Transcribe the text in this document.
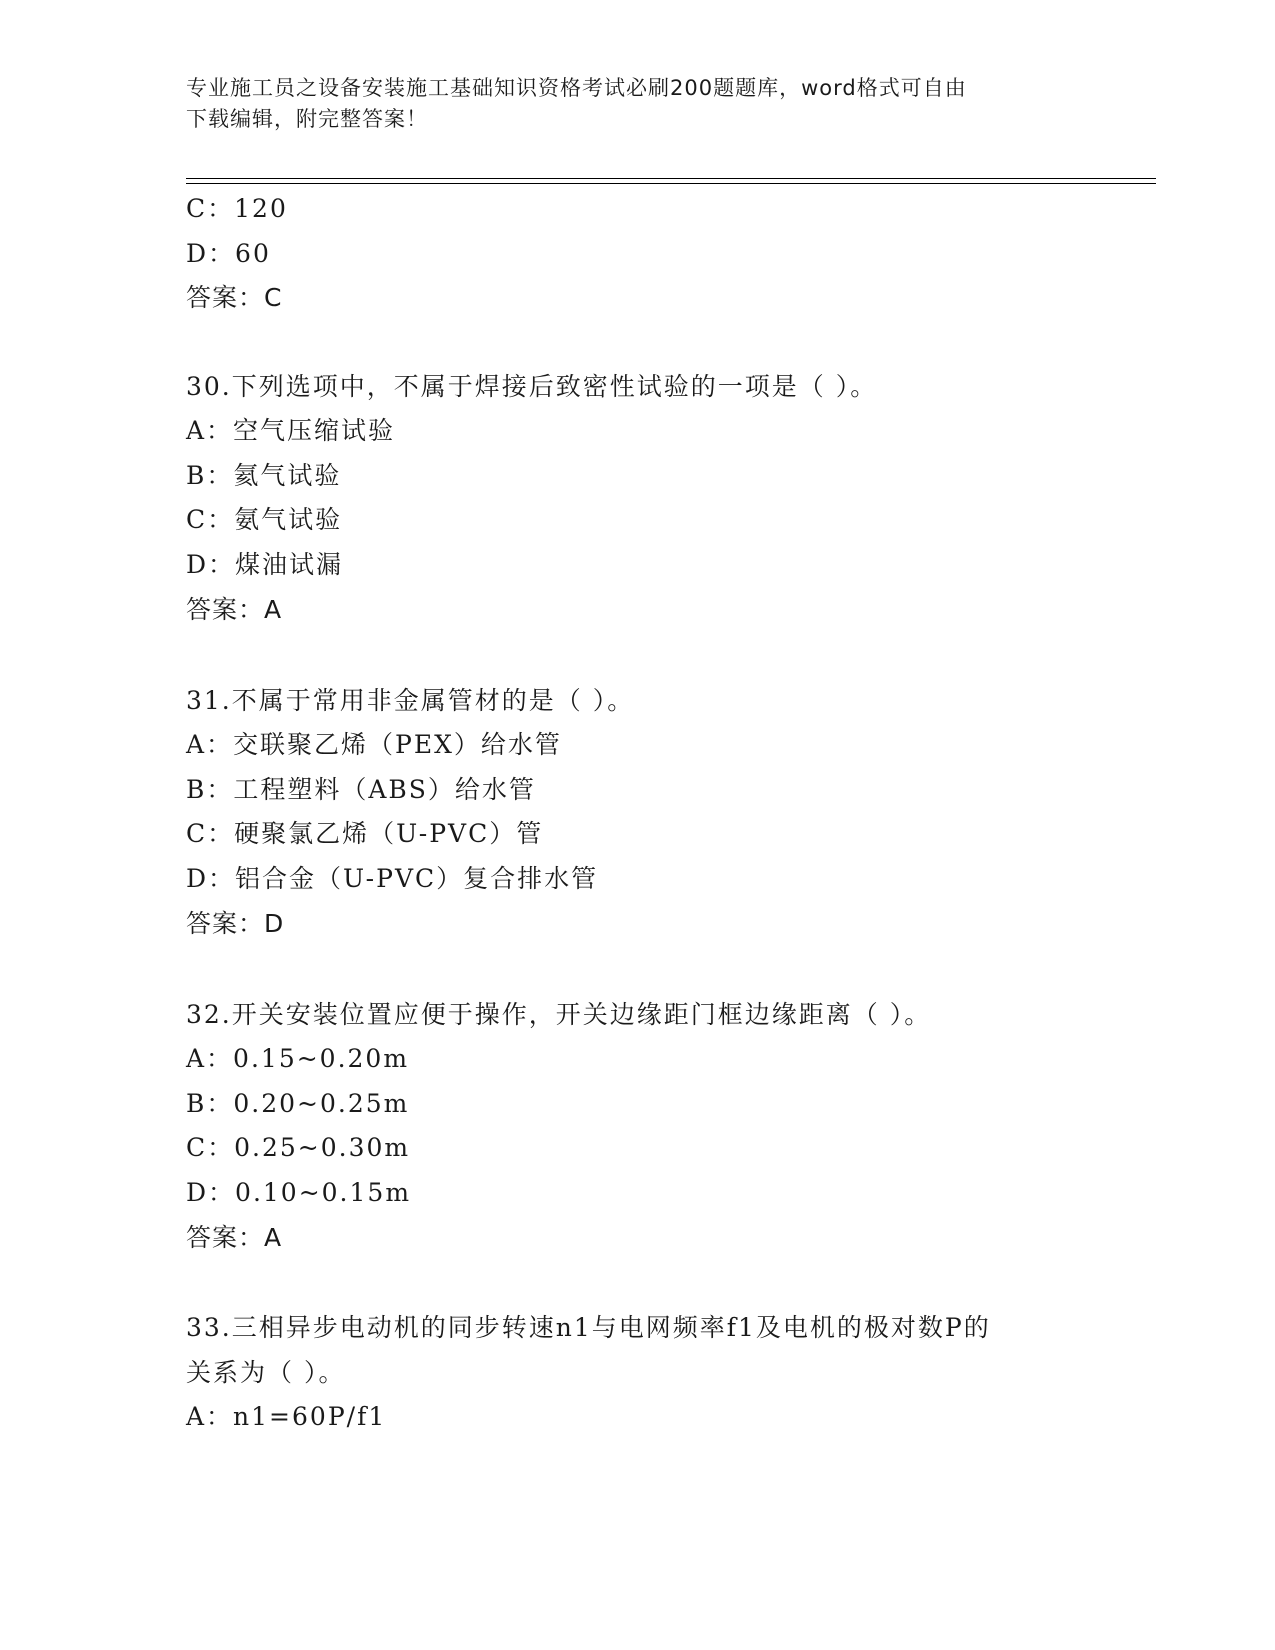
专业施工员之设备安装施工基础知识资格考试必刷200题题库，word格式可自由
下载编辑，附完整答案！
C：120
D：60
答案：C
30.下列选项中，不属于焊接后致密性试验的一项是（ ）。
A：空气压缩试验
B：氦气试验
C：氨气试验
D：煤油试漏
答案：A
31.不属于常用非金属管材的是（ ）。
A：交联聚乙烯（PEX）给水管
B：工程塑料（ABS）给水管
C：硬聚氯乙烯（U-PVC）管
D：铝合金（U-PVC）复合排水管
答案：D
32.开关安装位置应便于操作，开关边缘距门框边缘距离（ ）。
A：0.15~0.20m
B：0.20~0.25m
C：0.25~0.30m
D：0.10~0.15m
答案：A
33.三相异步电动机的同步转速n1与电网频率f1及电机的极对数P的
关系为（ ）。
A：n1=60P/f1
